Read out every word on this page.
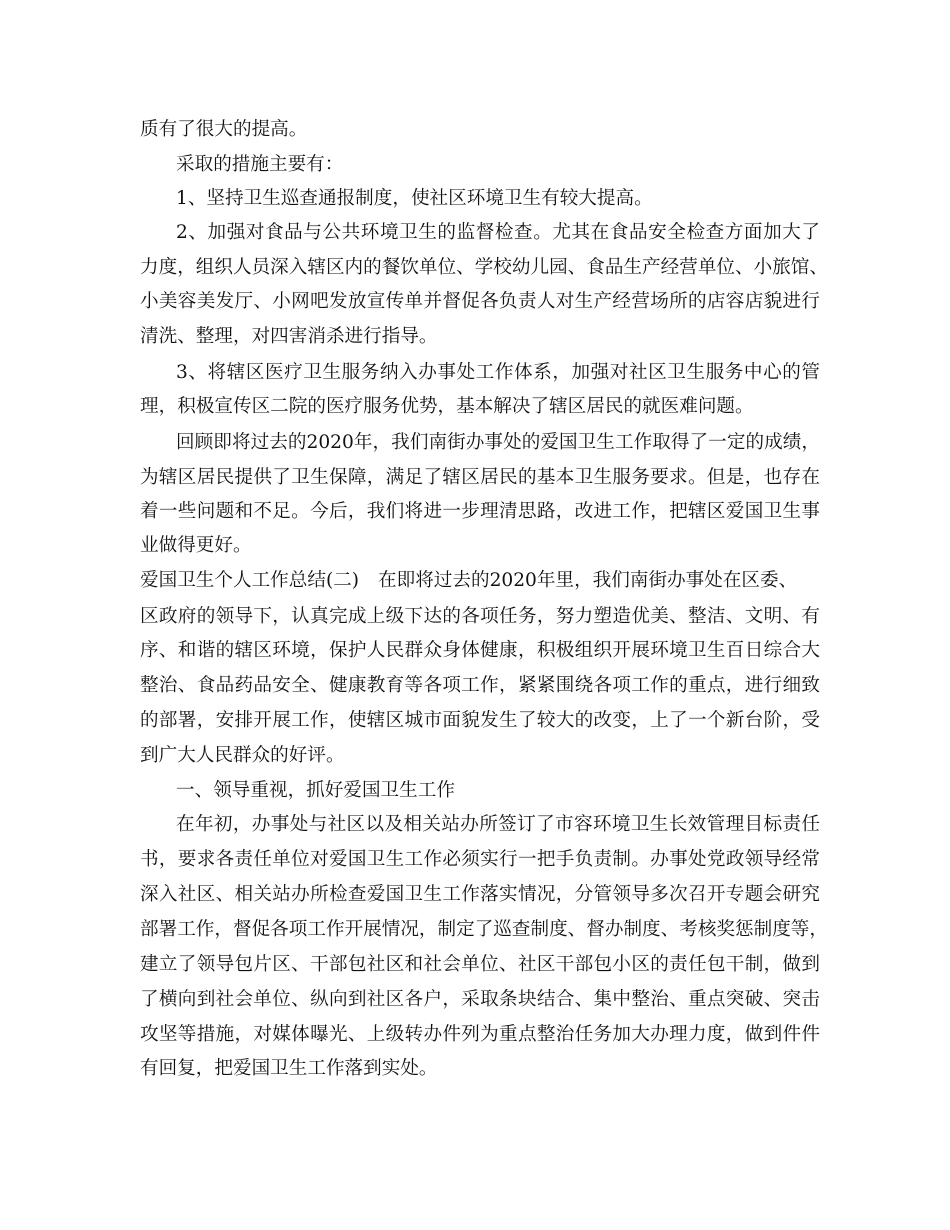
质有了很大的提高。
采取的措施主要有：
1、坚持卫生巡查通报制度，使社区环境卫生有较大提高。
2、加强对食品与公共环境卫生的监督检查。尤其在食品安全检查方面加大了
力度，组织人员深入辖区内的餐饮单位、学校幼儿园、食品生产经营单位、小旅馆、
小美容美发厅、小网吧发放宣传单并督促各负责人对生产经营场所的店容店貌进行
清洗、整理，对四害消杀进行指导。
3、将辖区医疗卫生服务纳入办事处工作体系，加强对社区卫生服务中心的管
理，积极宣传区二院的医疗服务优势，基本解决了辖区居民的就医难问题。
回顾即将过去的2020年，我们南街办事处的爱国卫生工作取得了一定的成绩，
为辖区居民提供了卫生保障，满足了辖区居民的基本卫生服务要求。但是，也存在
着一些问题和不足。今后，我们将进一步理清思路，改进工作，把辖区爱国卫生事
业做得更好。
爱国卫生个人工作总结(二) 在即将过去的2020年里，我们南街办事处在区委、
区政府的领导下，认真完成上级下达的各项任务，努力塑造优美、整洁、文明、有
序、和谐的辖区环境，保护人民群众身体健康，积极组织开展环境卫生百日综合大
整治、食品药品安全、健康教育等各项工作，紧紧围绕各项工作的重点，进行细致
的部署，安排开展工作，使辖区城市面貌发生了较大的改变，上了一个新台阶，受
到广大人民群众的好评。
一、领导重视，抓好爱国卫生工作
在年初，办事处与社区以及相关站办所签订了市容环境卫生长效管理目标责任
书，要求各责任单位对爱国卫生工作必须实行一把手负责制。办事处党政领导经常
深入社区、相关站办所检查爱国卫生工作落实情况，分管领导多次召开专题会研究
部署工作，督促各项工作开展情况，制定了巡查制度、督办制度、考核奖惩制度等，
建立了领导包片区、干部包社区和社会单位、社区干部包小区的责任包干制，做到
了横向到社会单位、纵向到社区各户，采取条块结合、集中整治、重点突破、突击
攻坚等措施，对媒体曝光、上级转办件列为重点整治任务加大办理力度，做到件件
有回复，把爱国卫生工作落到实处。
